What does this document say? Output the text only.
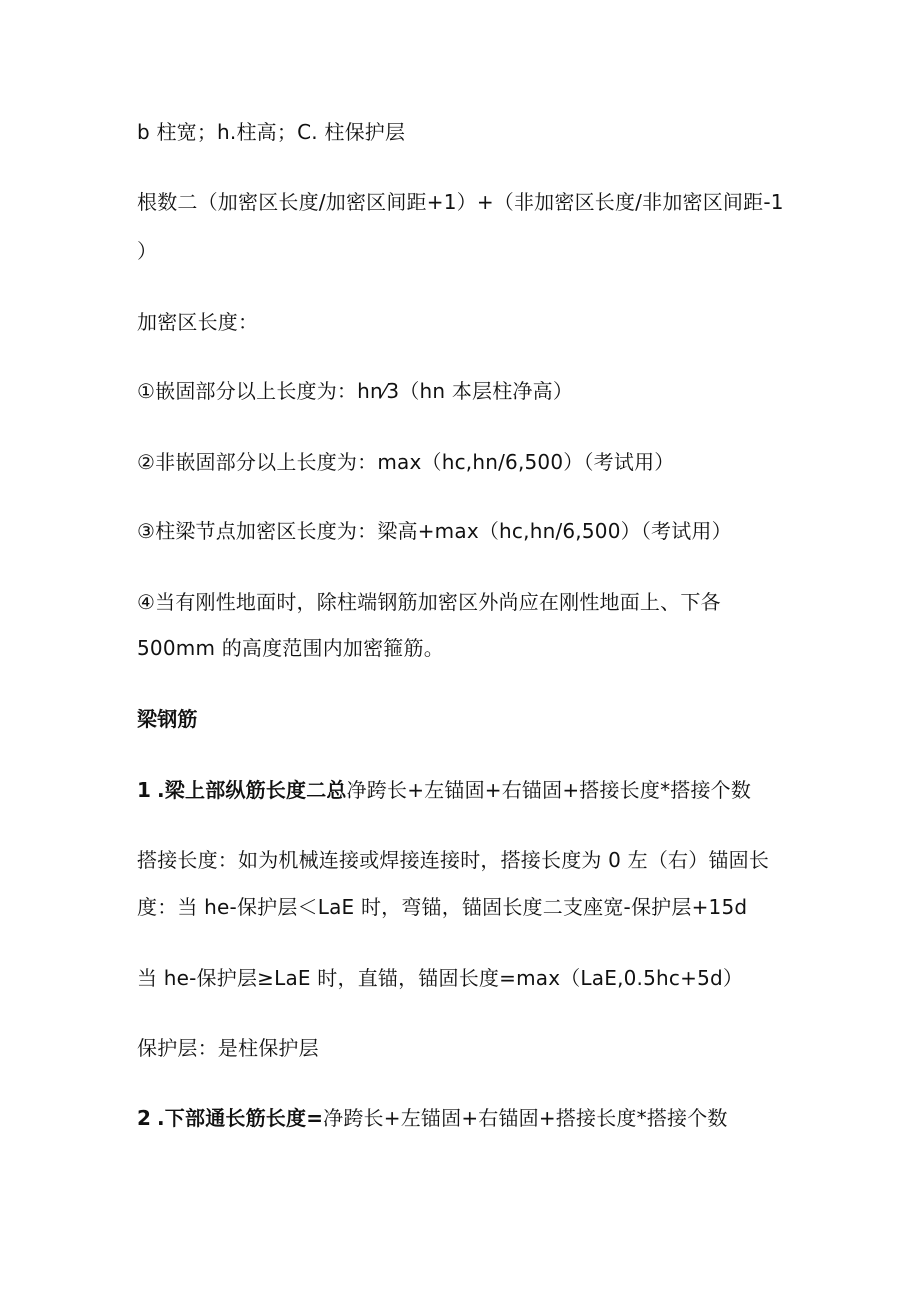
b 柱宽；h.柱高；C. 柱保护层
根数二（加密区长度/加密区间距+1）+（非加密区长度/非加密区间距-1
）
加密区长度：
①嵌固部分以上长度为：hn⁄3（hn 本层柱净高）
②非嵌固部分以上长度为：max（hc,hn/6,500）（考试用）
③柱梁节点加密区长度为：梁高+max（hc,hn/6,500）（考试用）
④当有刚性地面时，除柱端钢筋加密区外尚应在刚性地面上、下各
500mm 的高度范围内加密箍筋。
梁钢筋
1 .梁上部纵筋长度二总净跨长+左锚固+右锚固+搭接长度*搭接个数
搭接长度：如为机械连接或焊接连接时，搭接长度为 0 左（右）锚固长
度：当 he-保护层＜LaE 时，弯锚，锚固长度二支座宽-保护层+15d
当 he-保护层≥LaE 时，直锚，锚固长度=max（LaE,0.5hc+5d）
保护层：是柱保护层
2 .下部通长筋长度=净跨长+左锚固+右锚固+搭接长度*搭接个数
